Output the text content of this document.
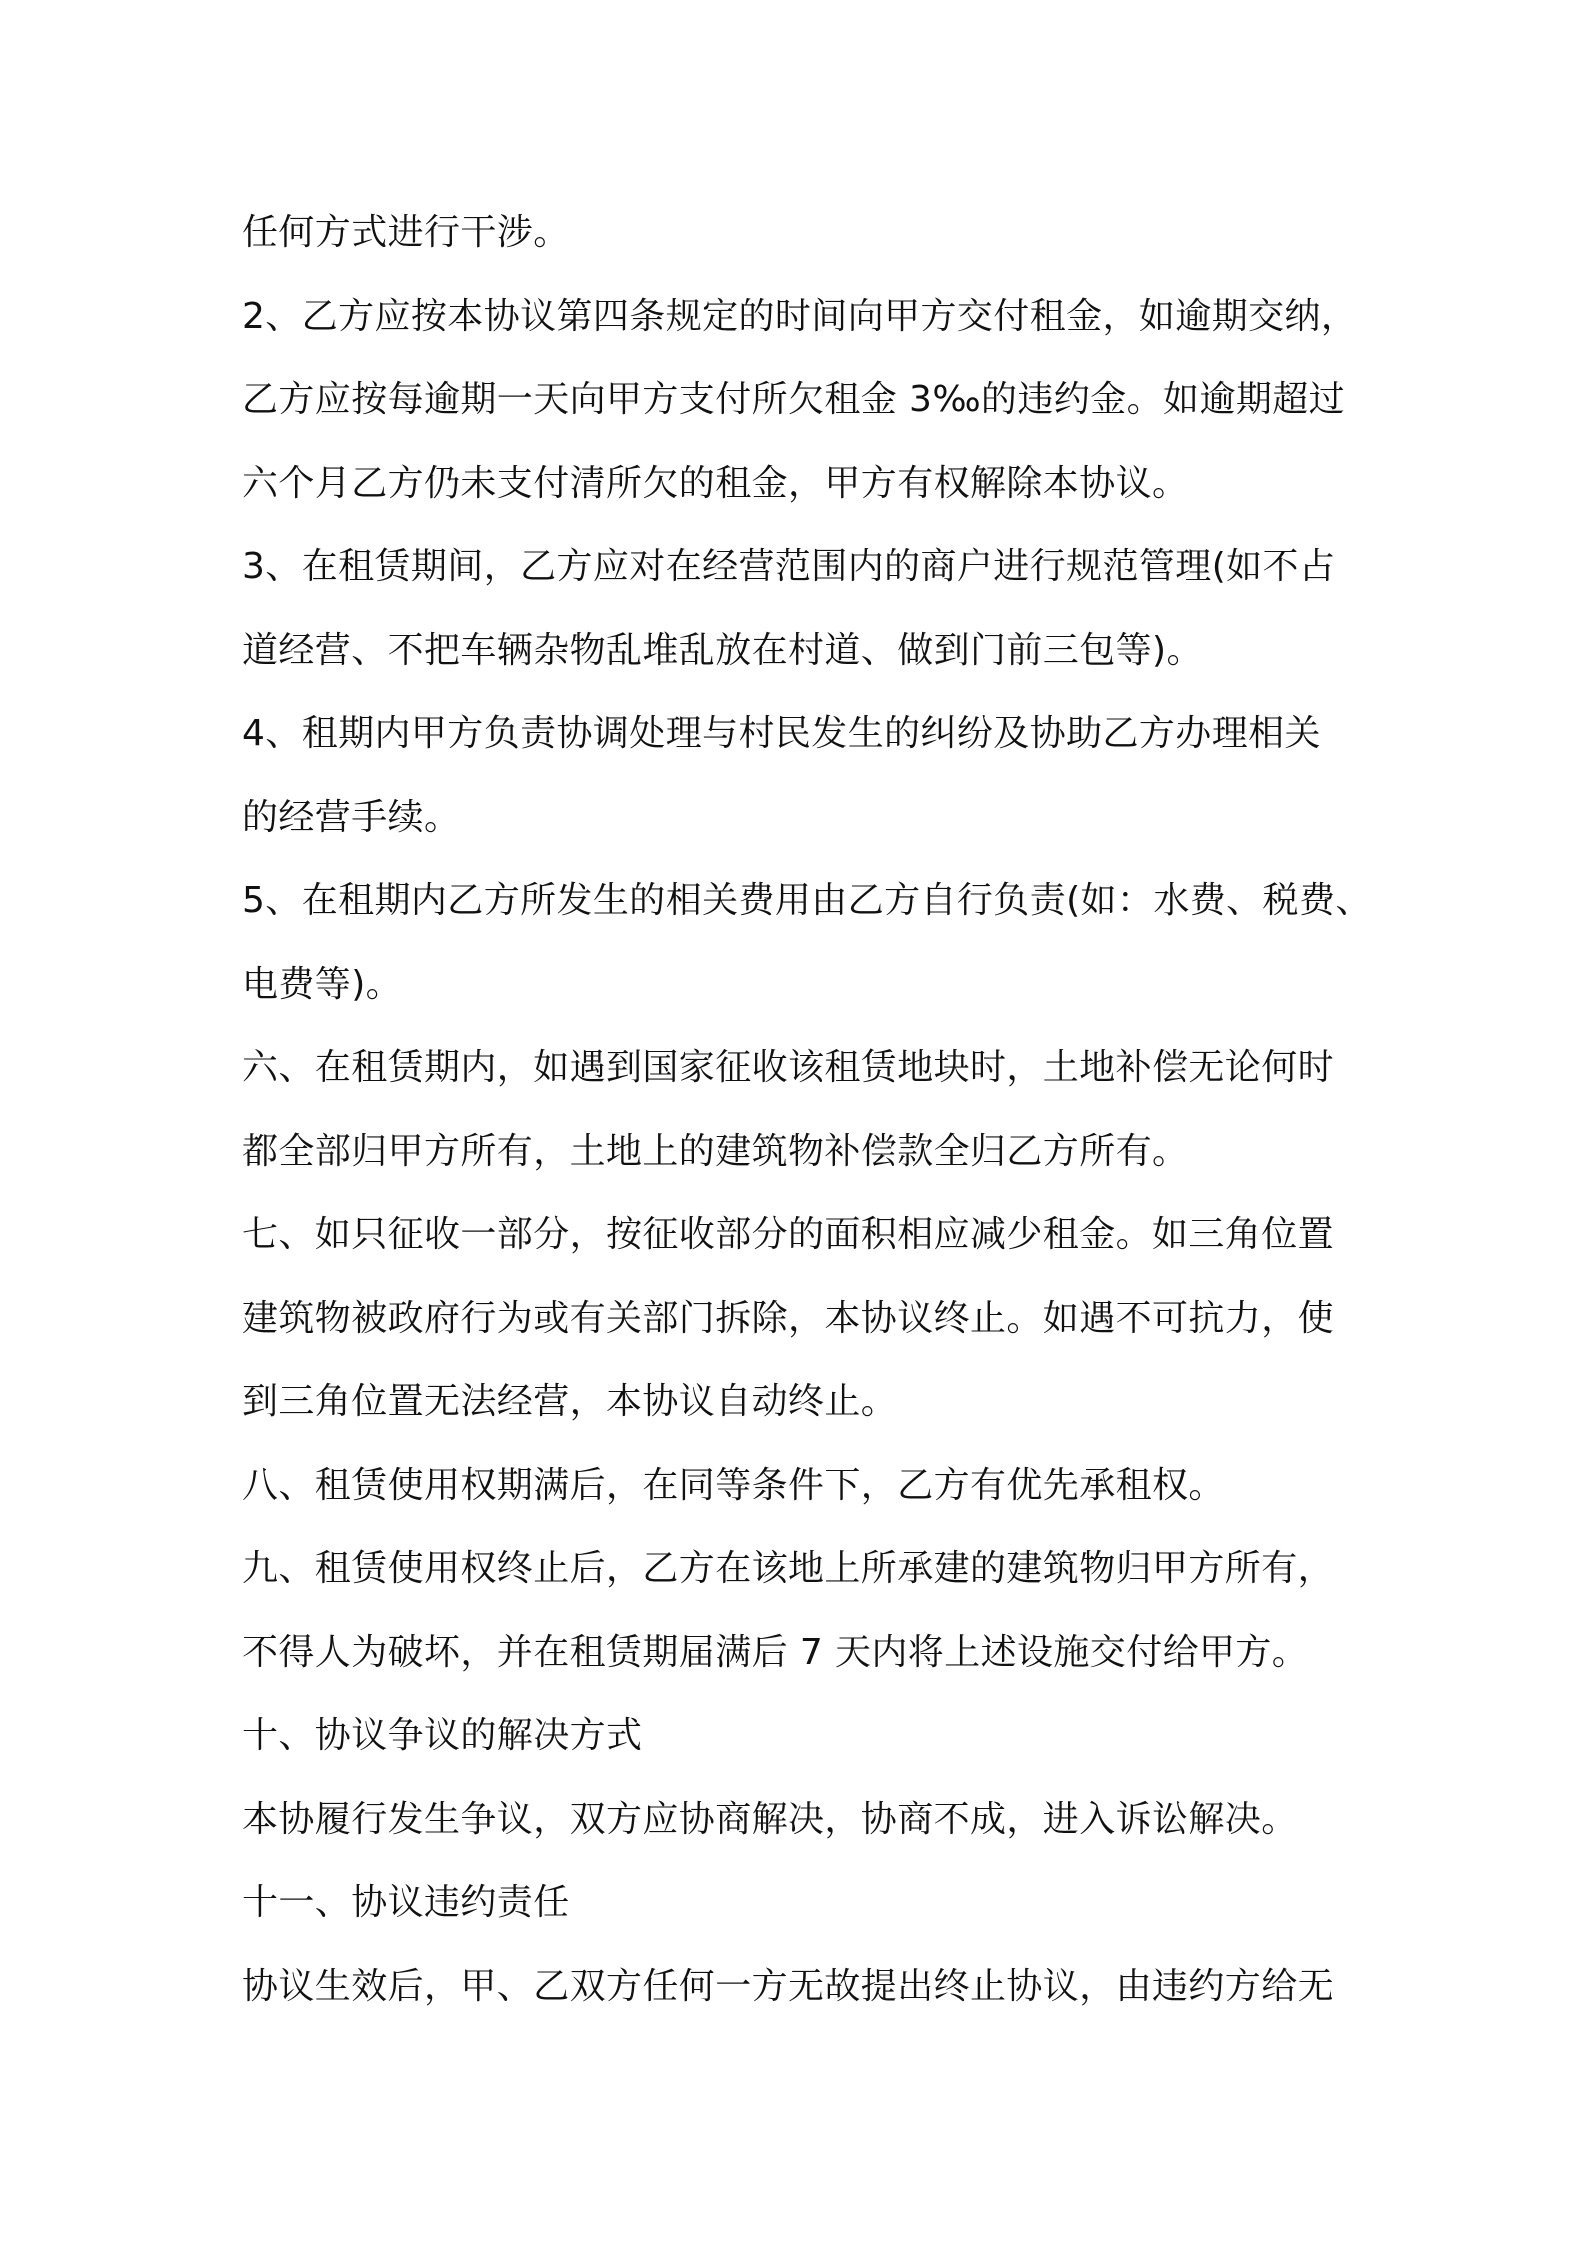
任何方式进行干涉。
2、乙方应按本协议第四条规定的时间向甲方交付租金，如逾期交纳，
乙方应按每逾期一天向甲方支付所欠租金 3‰的违约金。如逾期超过
六个月乙方仍未支付清所欠的租金，甲方有权解除本协议。
3、在租赁期间，乙方应对在经营范围内的商户进行规范管理(如不占
道经营、不把车辆杂物乱堆乱放在村道、做到门前三包等)。
4、租期内甲方负责协调处理与村民发生的纠纷及协助乙方办理相关
的经营手续。
5、在租期内乙方所发生的相关费用由乙方自行负责(如：水费、税费、
电费等)。
六、在租赁期内，如遇到国家征收该租赁地块时，土地补偿无论何时
都全部归甲方所有，土地上的建筑物补偿款全归乙方所有。
七、如只征收一部分，按征收部分的面积相应减少租金。如三角位置
建筑物被政府行为或有关部门拆除，本协议终止。如遇不可抗力，使
到三角位置无法经营，本协议自动终止。
八、租赁使用权期满后，在同等条件下，乙方有优先承租权。
九、租赁使用权终止后，乙方在该地上所承建的建筑物归甲方所有，
不得人为破坏，并在租赁期届满后 7 天内将上述设施交付给甲方。
十、协议争议的解决方式
本协履行发生争议，双方应协商解决，协商不成，进入诉讼解决。
十一、协议违约责任
协议生效后，甲、乙双方任何一方无故提出终止协议，由违约方给无
